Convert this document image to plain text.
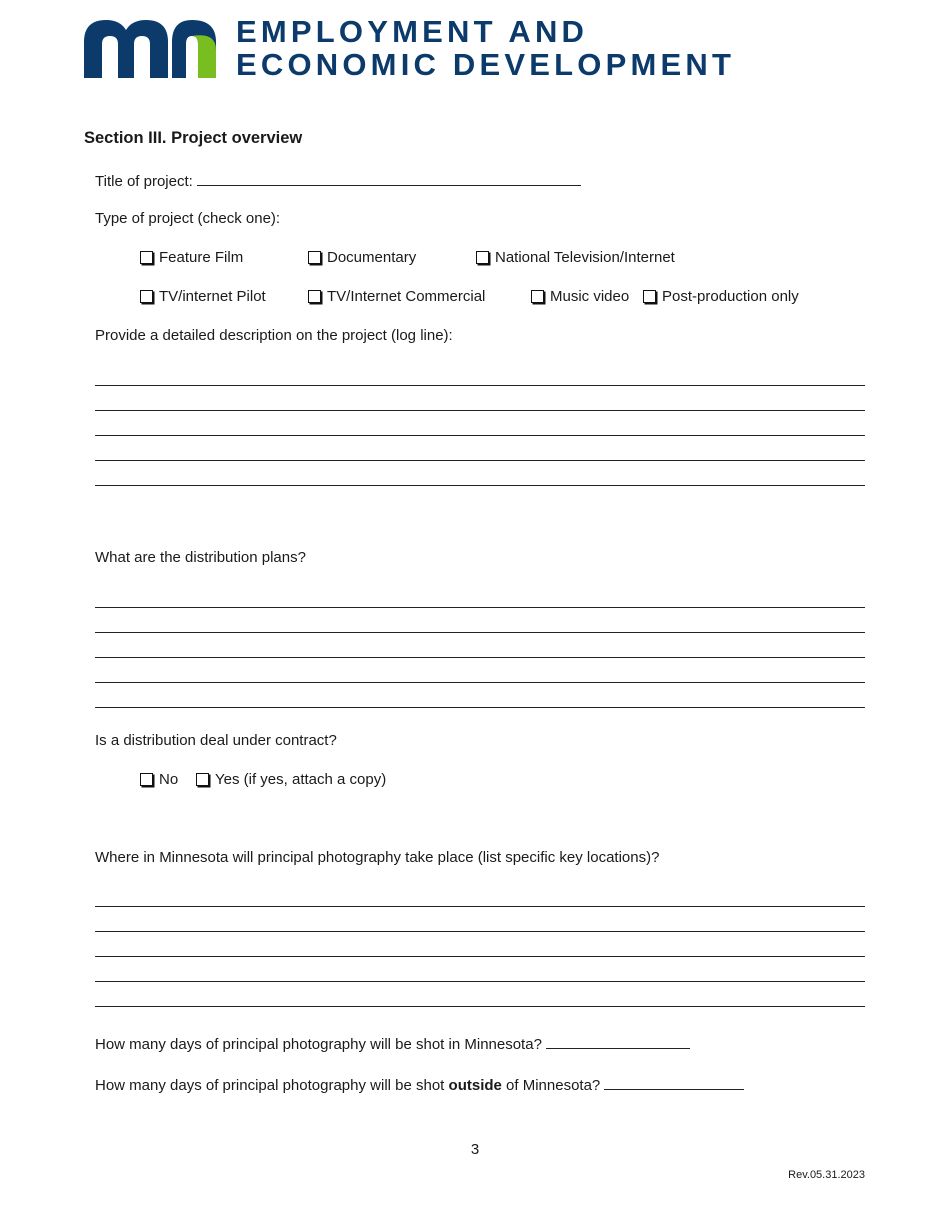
EMPLOYMENT AND
ECONOMIC DEVELOPMENT
Section III. Project overview
Title of project:
Type of project (check one):
Feature Film	Documentary	National Television/Internet
TV/internet Pilot	TV/Internet Commercial	Music video Post-production only
Provide a detailed description on the project (log line):
What are the distribution plans?
Is a distribution deal under contract?
No Yes (if yes, attach a copy)
Where in Minnesota will principal photography take place (list specific key locations)?
How many days of principal photography will be shot in Minnesota?
How many days of principal photography will be shot outside of Minnesota?
3
Rev.05.31.2023
